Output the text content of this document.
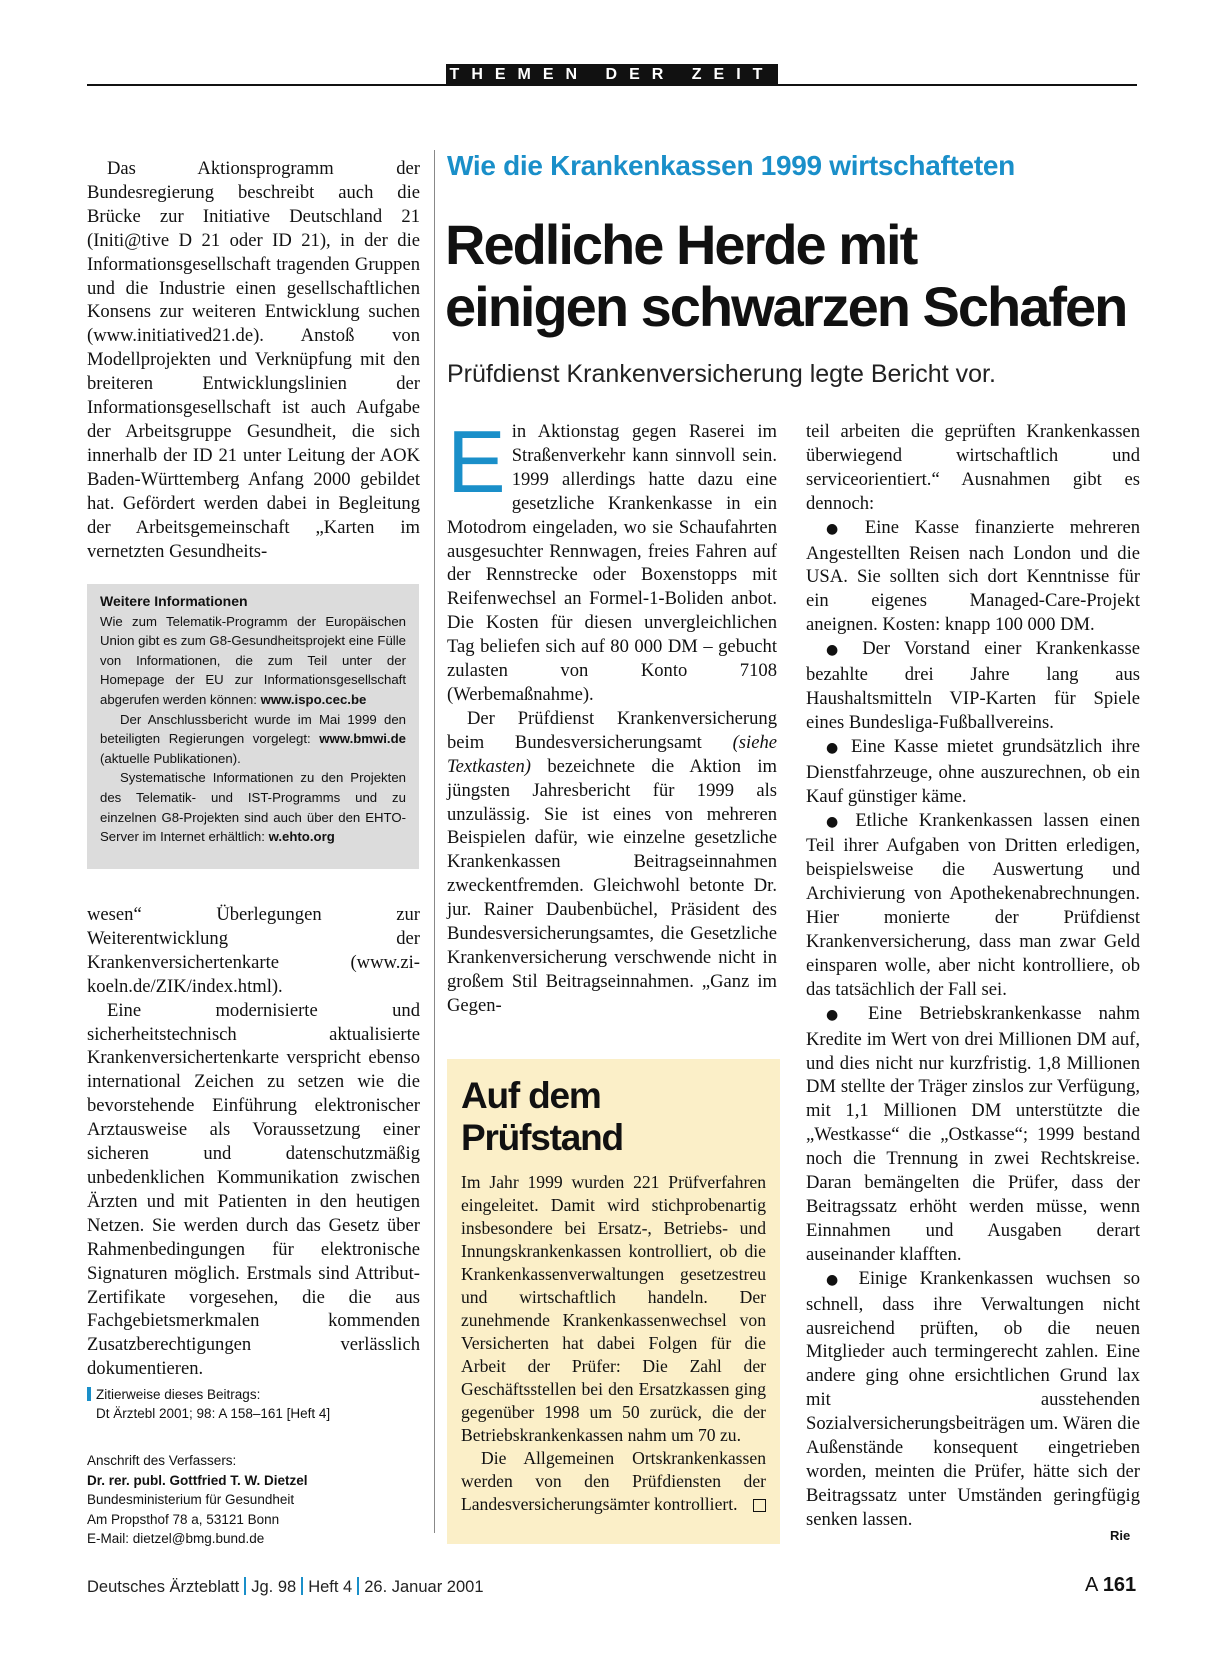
THEMEN DER ZEIT

Das Aktionsprogramm der Bundesregierung beschreibt auch die Brücke zur Initiative Deutschland 21 (Initi@tive D 21 oder ID 21), in der die Informationsgesellschaft tragenden Gruppen und die Industrie einen gesellschaftlichen Konsens zur weiteren Entwicklung suchen (www.initiatived21.de). Anstoß von Modellprojekten und Verknüpfung mit den breiteren Entwicklungslinien der Informationsgesellschaft ist auch Aufgabe der Arbeitsgruppe Gesundheit, die sich innerhalb der ID 21 unter Leitung der AOK Baden-Württemberg Anfang 2000 gebildet hat. Gefördert werden dabei in Begleitung der Arbeitsgemeinschaft „Karten im vernetzten Gesundheits-

Weitere Informationen

Wie zum Telematik-Programm der Europäischen Union gibt es zum G8-Gesundheitsprojekt eine Fülle von Informationen, die zum Teil unter der Homepage der EU zur Informationsgesellschaft abgerufen werden können: www.ispo.cec.be

Der Anschlussbericht wurde im Mai 1999 den beteiligten Regierungen vorgelegt: www.bmwi.de (aktuelle Publikationen).

Systematische Informationen zu den Projekten des Telematik- und IST-Programms und zu einzelnen G8-Projekten sind auch über den EHTO-Server im Internet erhältlich: w.ehto.org

wesen“ Überlegungen zur Weiterentwicklung der Krankenversichertenkarte (www.zi-koeln.de/ZIK/index.html).

Eine modernisierte und sicherheitstechnisch aktualisierte Krankenversichertenkarte verspricht ebenso international Zeichen zu setzen wie die bevorstehende Einführung elektronischer Arztausweise als Voraussetzung einer sicheren und datenschutzmäßig unbedenklichen Kommunikation zwischen Ärzten und mit Patienten in den heutigen Netzen. Sie werden durch das Gesetz über Rahmenbedingungen für elektronische Signaturen möglich. Erstmals sind Attribut-Zertifikate vorgesehen, die die aus Fachgebietsmerkmalen kommenden Zusatzberechtigungen verlässlich dokumentieren.

Zitierweise dieses Beitrags:
Dt Ärztebl 2001; 98: A 158–161 [Heft 4]
Anschrift des Verfassers:
Dr. rer. publ. Gottfried T. W. Dietzel
Bundesministerium für Gesundheit
Am Propsthof 78 a, 53121 Bonn
E-Mail: dietzel@bmg.bund.de
Wie die Krankenkassen 1999 wirtschafteten
Redliche Herde mit
einigen schwarzen Schafen
Prüfdienst Krankenversicherung legte Bericht vor.

Ein Aktionstag gegen Raserei im Straßenverkehr kann sinnvoll sein. 1999 allerdings hatte dazu eine gesetzliche Krankenkasse in ein Motodrom eingeladen, wo sie Schaufahrten ausgesuchter Rennwagen, freies Fahren auf der Rennstrecke oder Boxenstopps mit Reifenwechsel an Formel-1-Boliden anbot. Die Kosten für diesen unvergleichlichen Tag beliefen sich auf 80 000 DM – gebucht zulasten von Konto 7108 (Werbemaßnahme).

Der Prüfdienst Krankenversicherung beim Bundesversicherungsamt (siehe Textkasten) bezeichnete die Aktion im jüngsten Jahresbericht für 1999 als unzulässig. Sie ist eines von mehreren Beispielen dafür, wie einzelne gesetzliche Krankenkassen Beitragseinnahmen zweckentfremden. Gleichwohl betonte Dr. jur. Rainer Daubenbüchel, Präsident des Bundesversicherungsamtes, die Gesetzliche Krankenversicherung verschwende nicht in großem Stil Beitragseinnahmen. „Ganz im Gegen-

Auf dem Prüfstand

Im Jahr 1999 wurden 221 Prüfverfahren eingeleitet. Damit wird stichprobenartig insbesondere bei Ersatz-, Betriebs- und Innungskrankenkassen kontrolliert, ob die Krankenkassenverwaltungen gesetzestreu und wirtschaftlich handeln. Der zunehmende Krankenkassenwechsel von Versicherten hat dabei Folgen für die Arbeit der Prüfer: Die Zahl der Geschäftsstellen bei den Ersatzkassen ging gegenüber 1998 um 50 zurück, die der Betriebskrankenkassen nahm um 70 zu.

Die Allgemeinen Ortskrankenkassen werden von den Prüfdiensten der Landesversicherungsämter kontrolliert.

teil arbeiten die geprüften Krankenkassen überwiegend wirtschaftlich und serviceorientiert.“ Ausnahmen gibt es dennoch:

● Eine Kasse finanzierte mehreren Angestellten Reisen nach London und die USA. Sie sollten sich dort Kenntnisse für ein eigenes Managed-Care-Projekt aneignen. Kosten: knapp 100 000 DM.

● Der Vorstand einer Krankenkasse bezahlte drei Jahre lang aus Haushaltsmitteln VIP-Karten für Spiele eines Bundesliga-Fußballvereins.

● Eine Kasse mietet grundsätzlich ihre Dienstfahrzeuge, ohne auszurechnen, ob ein Kauf günstiger käme.

● Etliche Krankenkassen lassen einen Teil ihrer Aufgaben von Dritten erledigen, beispielsweise die Auswertung und Archivierung von Apothekenabrechnungen. Hier monierte der Prüfdienst Krankenversicherung, dass man zwar Geld einsparen wolle, aber nicht kontrolliere, ob das tatsächlich der Fall sei.

● Eine Betriebskrankenkasse nahm Kredite im Wert von drei Millionen DM auf, und dies nicht nur kurzfristig. 1,8 Millionen DM stellte der Träger zinslos zur Verfügung, mit 1,1 Millionen DM unterstützte die „Westkasse“ die „Ostkasse“; 1999 bestand noch die Trennung in zwei Rechtskreise. Daran bemängelten die Prüfer, dass der Beitragssatz erhöht werden müsse, wenn Einnahmen und Ausgaben derart auseinander klafften.

● Einige Krankenkassen wuchsen so schnell, dass ihre Verwaltungen nicht ausreichend prüften, ob die neuen Mitglieder auch termingerecht zahlen. Eine andere ging ohne ersichtlichen Grund lax mit ausstehenden Sozialversicherungsbeiträgen um. Wären die Außenstände konsequent eingetrieben worden, meinten die Prüfer, hätte sich der Beitragssatz unter Umständen geringfügig senken lassen.

Rie
Deutsches Ärzteblatt Jg. 98 Heft 4 26. Januar 2001	A 161
